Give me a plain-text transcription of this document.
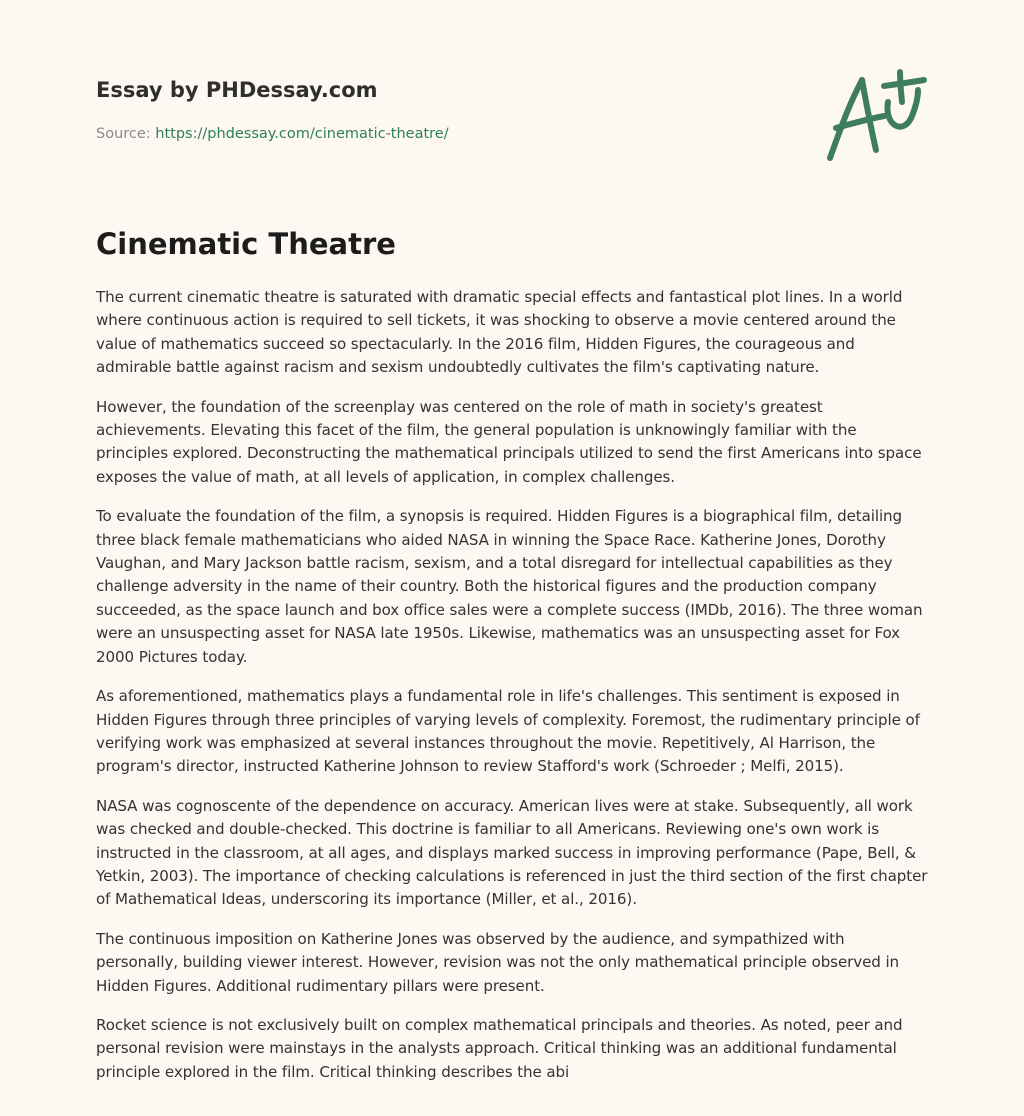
Essay by PHDessay.com
Source: https://phdessay.com/cinematic-theatre/
Cinematic Theatre

The current cinematic theatre is saturated with dramatic special effects and fantastical plot lines. In a world where continuous action is required to sell tickets, it was shocking to observe a movie centered around the value of mathematics succeed so spectacularly. In the 2016 film, Hidden Figures, the courageous and admirable battle against racism and sexism undoubtedly cultivates the film's captivating nature.

However, the foundation of the screenplay was centered on the role of math in society's greatest achievements. Elevating this facet of the film, the general population is unknowingly familiar with the principles explored. Deconstructing the mathematical principals utilized to send the first Americans into space exposes the value of math, at all levels of application, in complex challenges.

To evaluate the foundation of the film, a synopsis is required. Hidden Figures is a biographical film, detailing three black female mathematicians who aided NASA in winning the Space Race. Katherine Jones, Dorothy Vaughan, and Mary Jackson battle racism, sexism, and a total disregard for intellectual capabilities as they challenge adversity in the name of their country. Both the historical figures and the production company succeeded, as the space launch and box office sales were a complete success (IMDb, 2016). The three woman were an unsuspecting asset for NASA late 1950s. Likewise, mathematics was an unsuspecting asset for Fox 2000 Pictures today.

As aforementioned, mathematics plays a fundamental role in life's challenges. This sentiment is exposed in Hidden Figures through three principles of varying levels of complexity. Foremost, the rudimentary principle of verifying work was emphasized at several instances throughout the movie. Repetitively, Al Harrison, the program's director, instructed Katherine Johnson to review Stafford's work (Schroeder ; Melfi, 2015).

NASA was cognoscente of the dependence on accuracy. American lives were at stake. Subsequently, all work was checked and double-checked. This doctrine is familiar to all Americans. Reviewing one's own work is instructed in the classroom, at all ages, and displays marked success in improving performance (Pape, Bell, & Yetkin, 2003). The importance of checking calculations is referenced in just the third section of the first chapter of Mathematical Ideas, underscoring its importance (Miller, et al., 2016).

The continuous imposition on Katherine Jones was observed by the audience, and sympathized with personally, building viewer interest. However, revision was not the only mathematical principle observed in Hidden Figures. Additional rudimentary pillars were present.

Rocket science is not exclusively built on complex mathematical principals and theories. As noted, peer and personal revision were mainstays in the analysts approach. Critical thinking was an additional fundamental principle explored in the film. Critical thinking describes the abi
